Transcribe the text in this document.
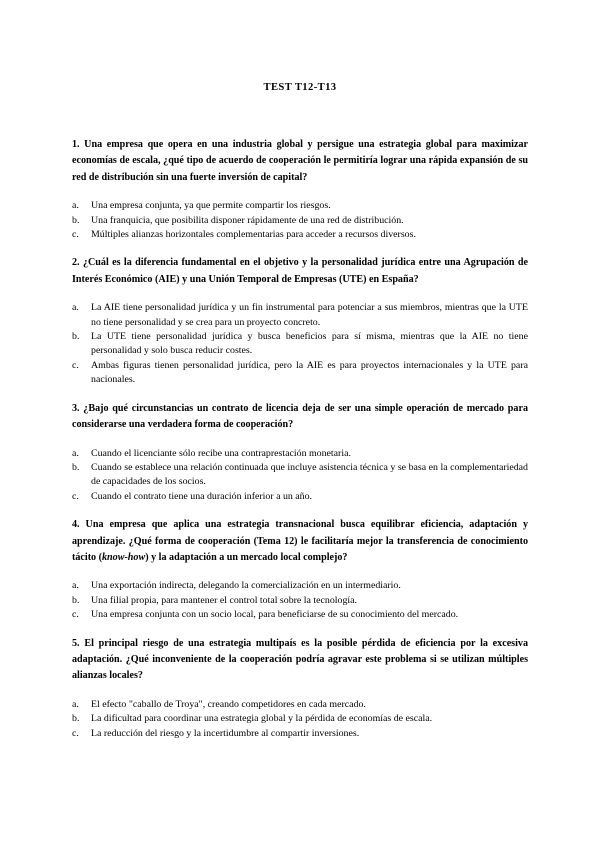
TEST T12-T13

1. Una empresa que opera en una industria global y persigue una estrategia global para maximizar economías de escala, ¿qué tipo de acuerdo de cooperación le permitiría lograr una rápida expansión de su red de distribución sin una fuerte inversión de capital?

a. Una empresa conjunta, ya que permite compartir los riesgos.
b. Una franquicia, que posibilita disponer rápidamente de una red de distribución.
c. Múltiples alianzas horizontales complementarias para acceder a recursos diversos.

2. ¿Cuál es la diferencia fundamental en el objetivo y la personalidad jurídica entre una Agrupación de Interés Económico (AIE) y una Unión Temporal de Empresas (UTE) en España?

a. La AIE tiene personalidad jurídica y un fin instrumental para potenciar a sus miembros, mientras que la UTE no tiene personalidad y se crea para un proyecto concreto.
b. La UTE tiene personalidad jurídica y busca beneficios para sí misma, mientras que la AIE no tiene personalidad y solo busca reducir costes.
c. Ambas figuras tienen personalidad jurídica, pero la AIE es para proyectos internacionales y la UTE para nacionales.

3. ¿Bajo qué circunstancias un contrato de licencia deja de ser una simple operación de mercado para considerarse una verdadera forma de cooperación?

a. Cuando el licenciante sólo recibe una contraprestación monetaria.
b. Cuando se establece una relación continuada que incluye asistencia técnica y se basa en la complementariedad de capacidades de los socios.
c. Cuando el contrato tiene una duración inferior a un año.

4. Una empresa que aplica una estrategia transnacional busca equilibrar eficiencia, adaptación y aprendizaje. ¿Qué forma de cooperación (Tema 12) le facilitaría mejor la transferencia de conocimiento tácito (know-how) y la adaptación a un mercado local complejo?

a. Una exportación indirecta, delegando la comercialización en un intermediario.
b. Una filial propia, para mantener el control total sobre la tecnología.
c. Una empresa conjunta con un socio local, para beneficiarse de su conocimiento del mercado.

5. El principal riesgo de una estrategia multipaís es la posible pérdida de eficiencia por la excesiva adaptación. ¿Qué inconveniente de la cooperación podría agravar este problema si se utilizan múltiples alianzas locales?

a. El efecto "caballo de Troya", creando competidores en cada mercado.
b. La dificultad para coordinar una estrategia global y la pérdida de economías de escala.
c. La reducción del riesgo y la incertidumbre al compartir inversiones.
